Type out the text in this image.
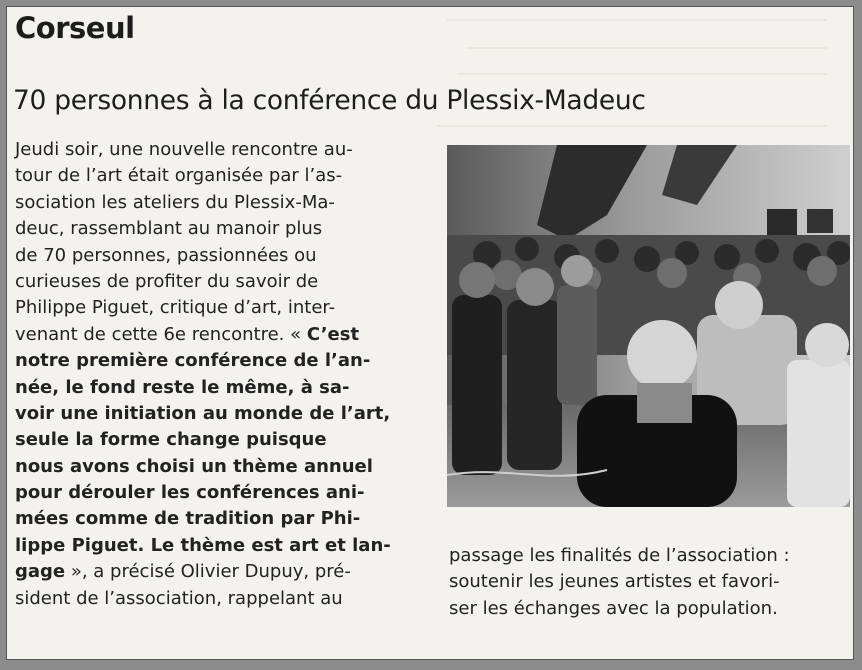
Corseul
70 personnes à la conférence du Plessix-Madeuc
Jeudi soir, une nouvelle rencontre au-
tour de l’art était organisée par l’as-
sociation les ateliers du Plessix-Ma-
deuc, rassemblant au manoir plus
de 70 personnes, passionnées ou
curieuses de profiter du savoir de
Philippe Piguet, critique d’art, inter-
venant de cette 6e rencontre. « C’est
notre première conférence de l’an-
née, le fond reste le même, à sa-
voir une initiation au monde de l’art,
seule la forme change puisque
nous avons choisi un thème annuel
pour dérouler les conférences ani-
mées comme de tradition par Phi-
lippe Piguet. Le thème est art et lan-
gage », a précisé Olivier Dupuy, pré-
sident de l’association, rappelant au
passage les finalités de l’association :
soutenir les jeunes artistes et favori-
ser les échanges avec la population.
